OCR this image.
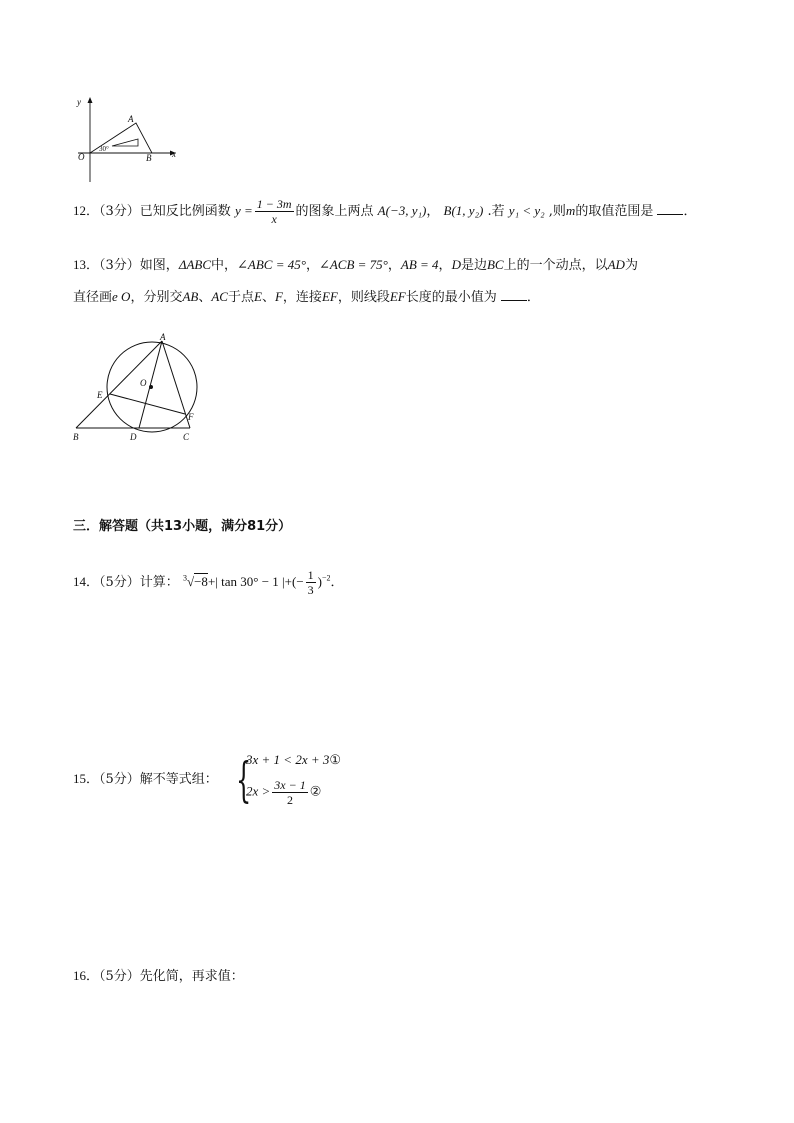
y
x
O
A
B
30°
12．（3分）已知反比例函数 $y = \frac{1 - 3m}{x}$ 的图象上两点 A(−3, y₁)， B(1, y₂) .若 y₁ < y₂ ,则m的取值范围是 ．
13．（3分）如图，ΔABC中，∠ABC = 45°，∠ACB = 75°，AB = 4，D是边BC上的一个动点，以AD为
直径画e O，分别交AB、AC于点E、F，连接EF，则线段EF长度的最小值为 ．
A
O
E
F
B	D	C
三．解答题（共13小题，满分81分）
14．（5分）计算： $^3$√−8+| tan 30° − 1 |+(− $\frac{1}{3} )^{-2}$．
15．（5分）解不等式组： {
3x + 1 < 2x + 3①
$2x > \frac{3x - 1}{2}$ ②
16．（5分）先化简，再求值：
